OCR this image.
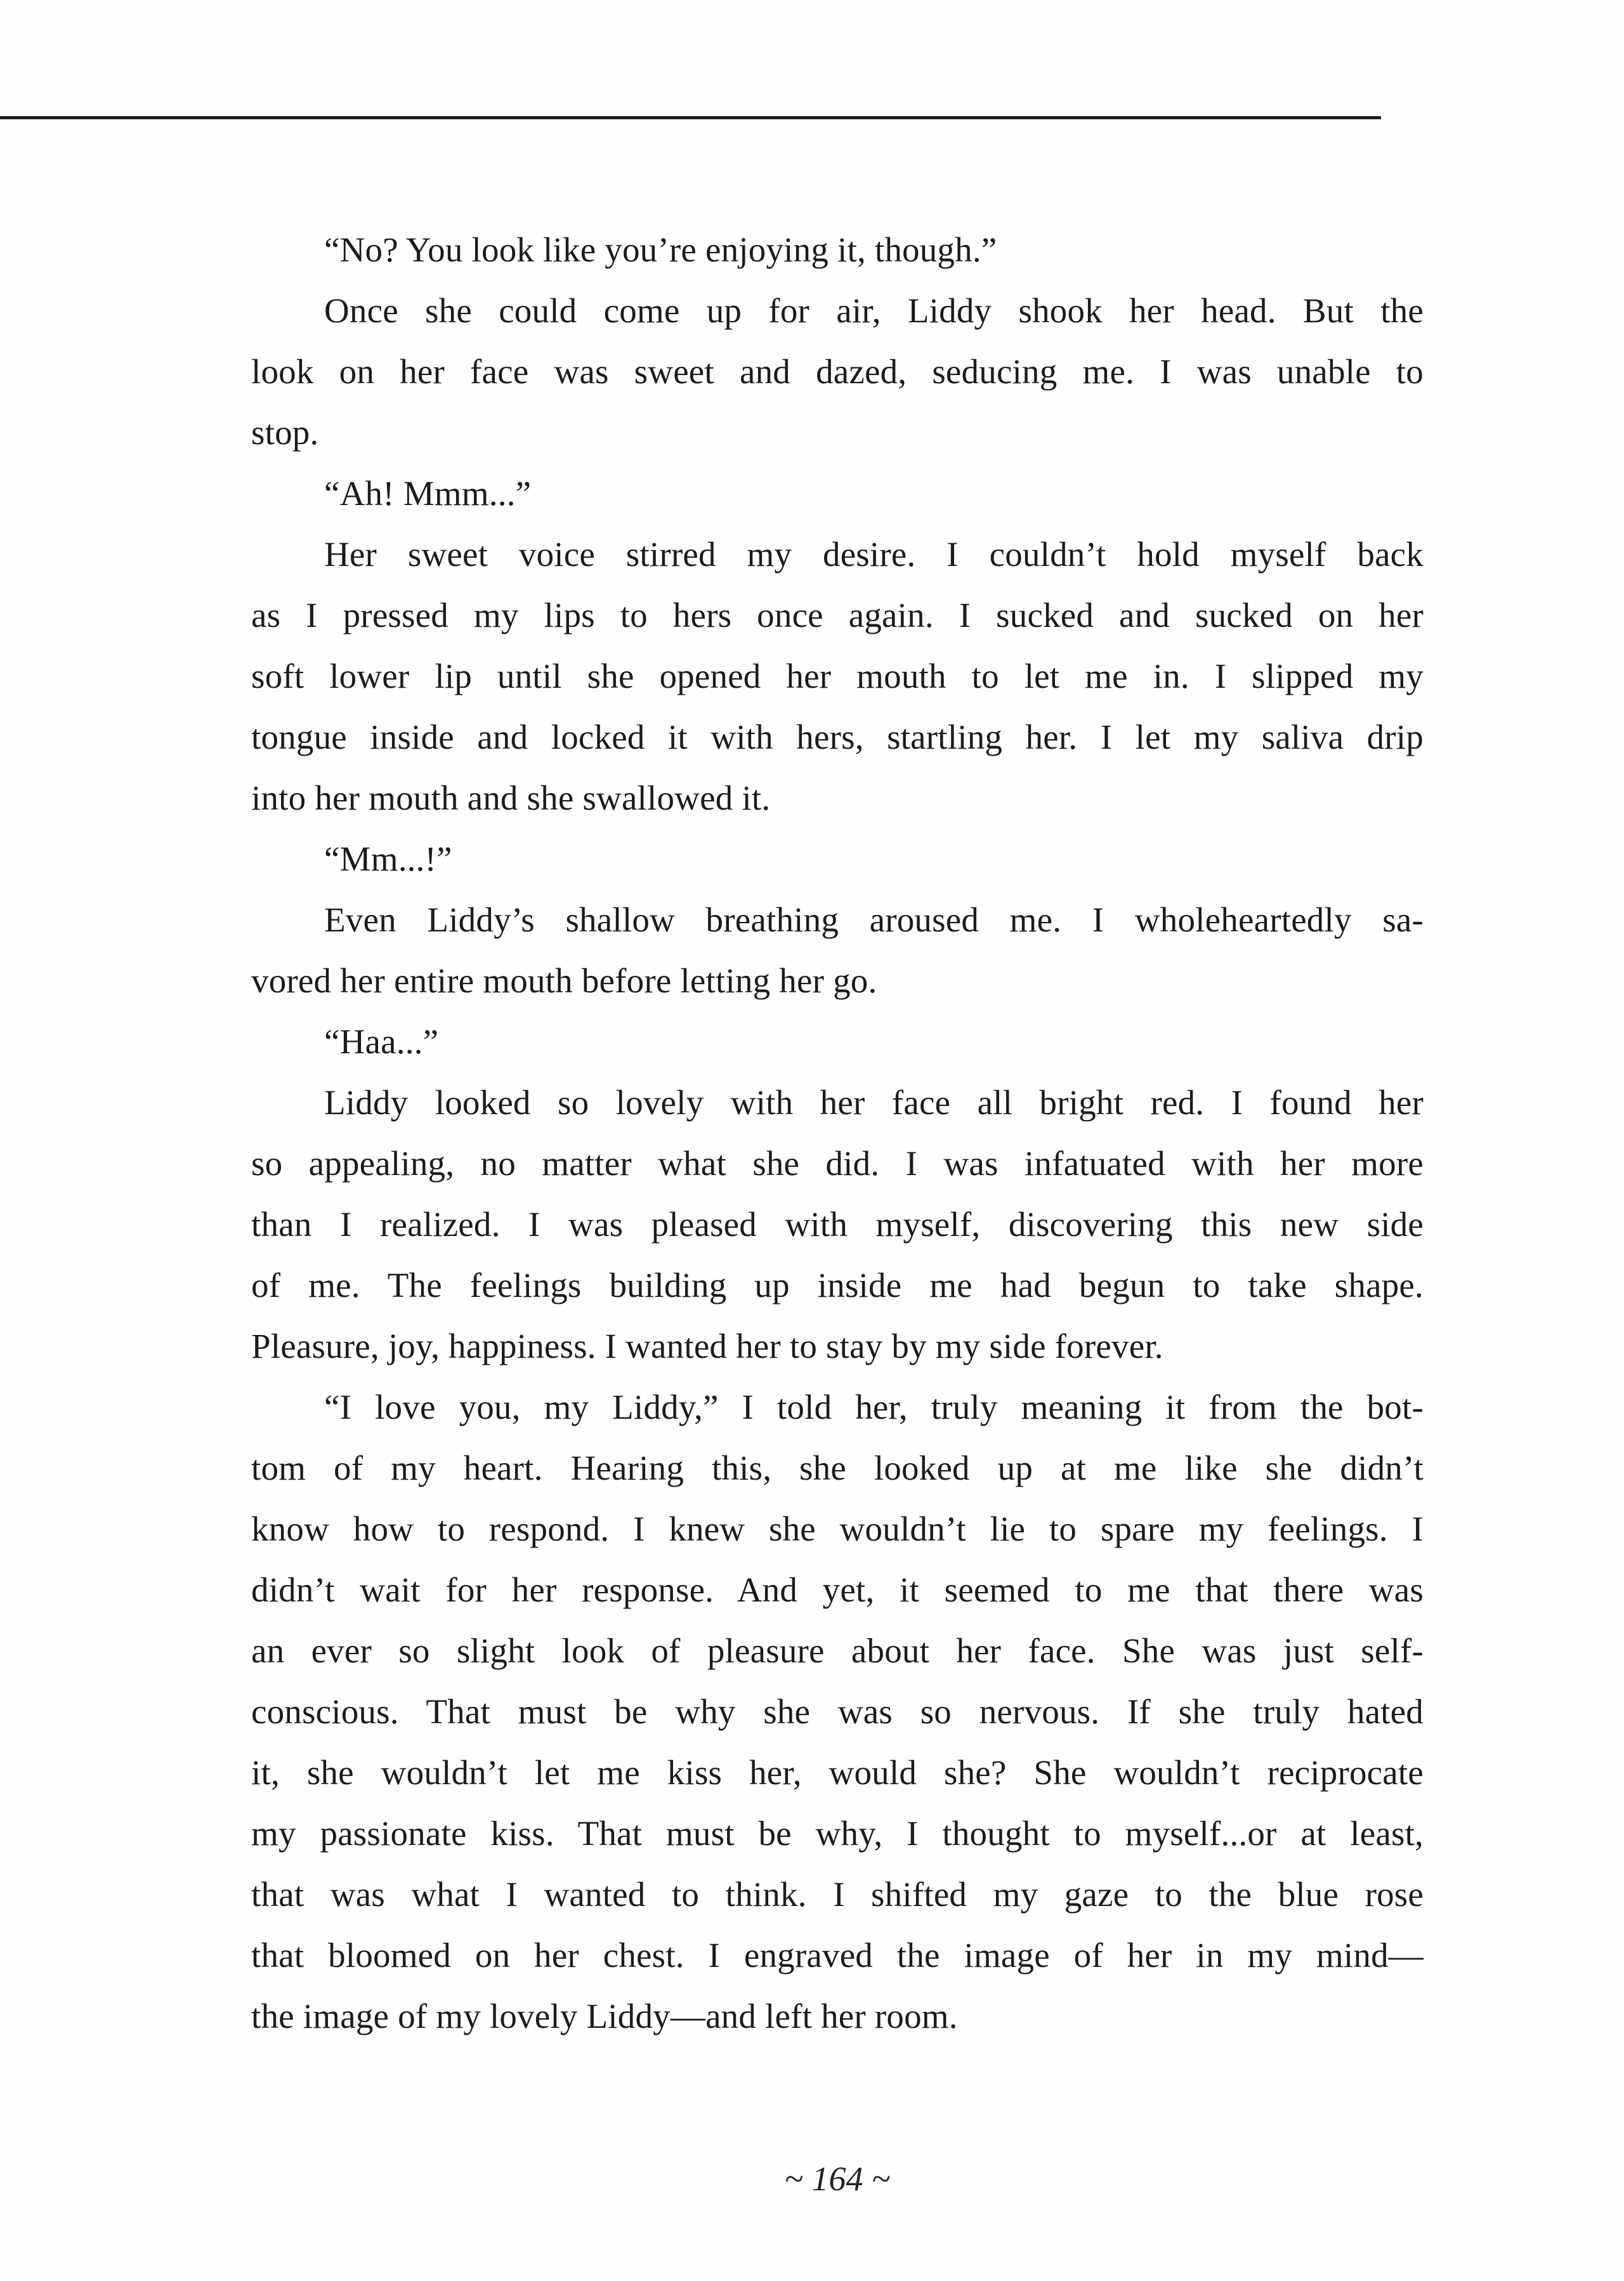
“No? You look like you’re enjoying it, though.”
Once she could come up for air, Liddy shook her head. But the
look on her face was sweet and dazed, seducing me. I was unable to
stop.
“Ah! Mmm...”
Her sweet voice stirred my desire. I couldn’t hold myself back
as I pressed my lips to hers once again. I sucked and sucked on her
soft lower lip until she opened her mouth to let me in. I slipped my
tongue inside and locked it with hers, startling her. I let my saliva drip
into her mouth and she swallowed it.
“Mm...!”
Even Liddy’s shallow breathing aroused me. I wholeheartedly sa-
vored her entire mouth before letting her go.
“Haa...”
Liddy looked so lovely with her face all bright red. I found her
so appealing, no matter what she did. I was infatuated with her more
than I realized. I was pleased with myself, discovering this new side
of me. The feelings building up inside me had begun to take shape.
Pleasure, joy, happiness. I wanted her to stay by my side forever.
“I love you, my Liddy,” I told her, truly meaning it from the bot-
tom of my heart. Hearing this, she looked up at me like she didn’t
know how to respond. I knew she wouldn’t lie to spare my feelings. I
didn’t wait for her response. And yet, it seemed to me that there was
an ever so slight look of pleasure about her face. She was just self-
conscious. That must be why she was so nervous. If she truly hated
it, she wouldn’t let me kiss her, would she? She wouldn’t reciprocate
my passionate kiss. That must be why, I thought to myself...or at least,
that was what I wanted to think. I shifted my gaze to the blue rose
that bloomed on her chest. I engraved the image of her in my mind—
the image of my lovely Liddy—and left her room.
~ 164 ~
